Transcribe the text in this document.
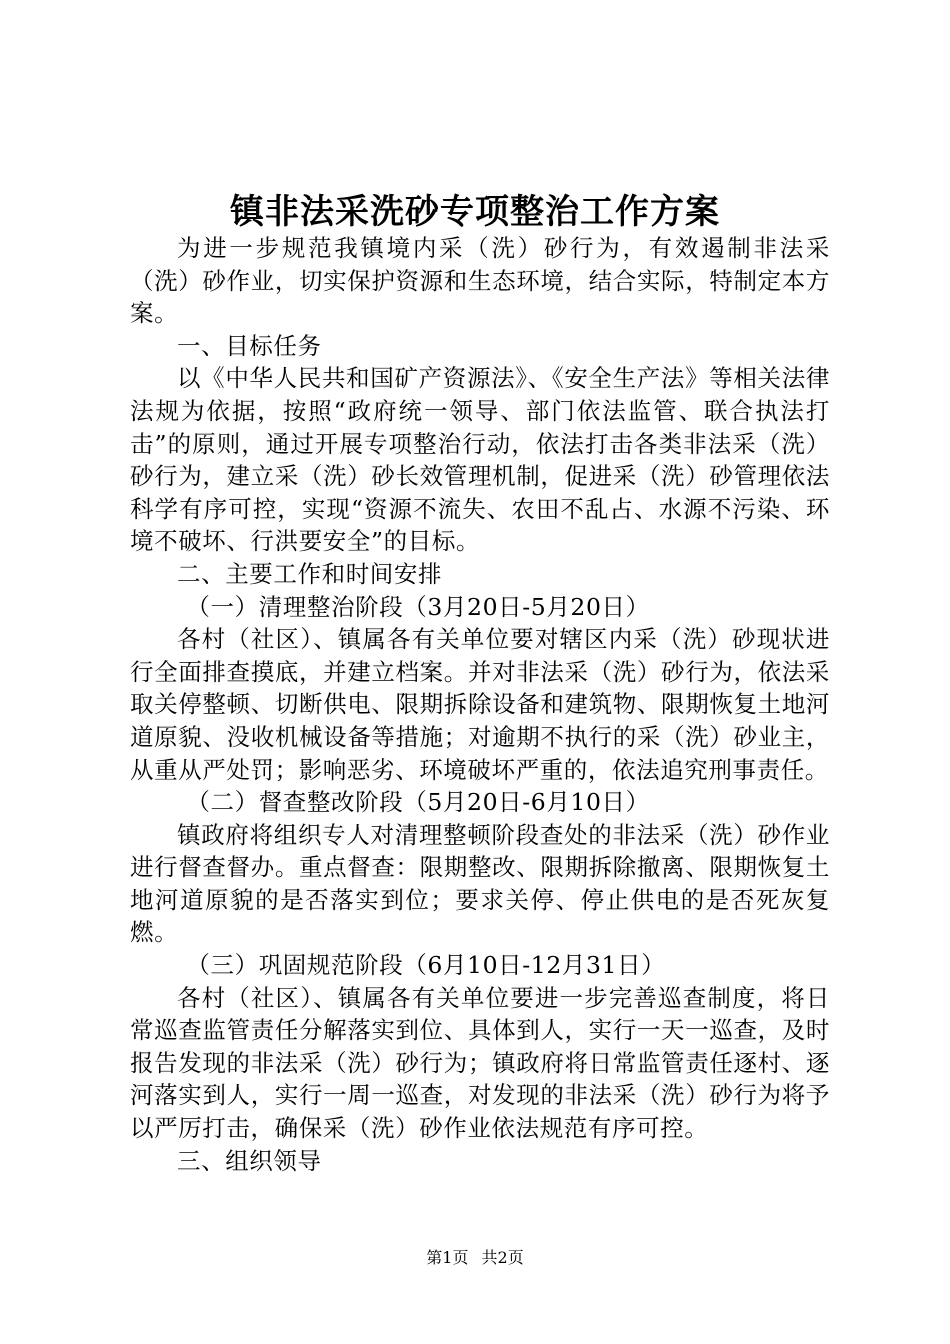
镇非法采洗砂专项整治工作方案

为进一步规范我镇境内采（洗）砂行为，有效遏制非法采（洗）砂作业，切实保护资源和生态环境，结合实际，特制定本方案。

一、目标任务

以《中华人民共和国矿产资源法》、《安全生产法》等相关法律法规为依据，按照“政府统一领导、部门依法监管、联合执法打击”的原则，通过开展专项整治行动，依法打击各类非法采（洗）砂行为，建立采（洗）砂长效管理机制，促进采（洗）砂管理依法科学有序可控，实现“资源不流失、农田不乱占、水源不污染、环境不破坏、行洪要安全”的目标。

二、主要工作和时间安排

（一）清理整治阶段（3月20日-5月20日）

各村（社区）、镇属各有关单位要对辖区内采（洗）砂现状进行全面排查摸底，并建立档案。并对非法采（洗）砂行为，依法采取关停整顿、切断供电、限期拆除设备和建筑物、限期恢复土地河道原貌、没收机械设备等措施；对逾期不执行的采（洗）砂业主，从重从严处罚；影响恶劣、环境破坏严重的，依法追究刑事责任。

（二）督查整改阶段（5月20日-6月10日）

镇政府将组织专人对清理整顿阶段查处的非法采（洗）砂作业进行督查督办。重点督查：限期整改、限期拆除撤离、限期恢复土地河道原貌的是否落实到位；要求关停、停止供电的是否死灰复燃。

（三）巩固规范阶段（6月10日-12月31日）

各村（社区）、镇属各有关单位要进一步完善巡查制度，将日常巡查监管责任分解落实到位、具体到人，实行一天一巡查，及时报告发现的非法采（洗）砂行为；镇政府将日常监管责任逐村、逐河落实到人，实行一周一巡查，对发现的非法采（洗）砂行为将予以严厉打击，确保采（洗）砂作业依法规范有序可控。

三、组织领导

第1页 共2页
